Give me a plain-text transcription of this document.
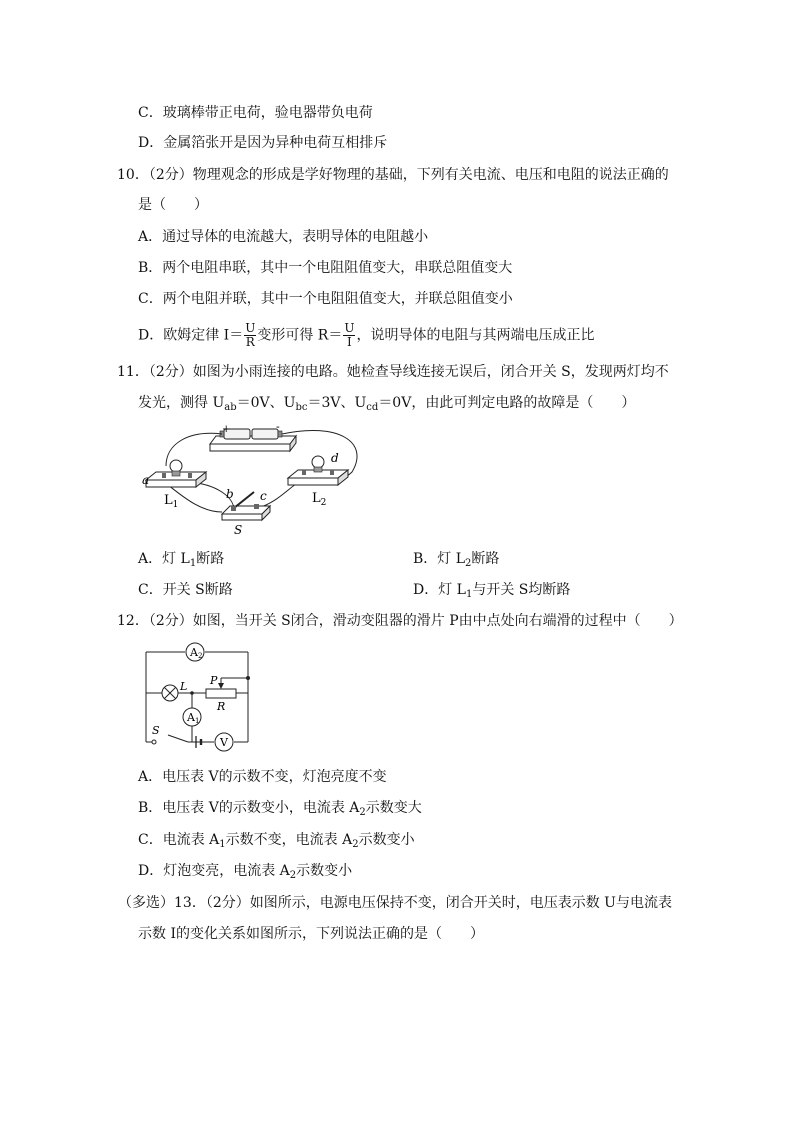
C．玻璃棒带正电荷，验电器带负电荷
D．金属箔张开是因为异种电荷互相排斥
10．（2分）物理观念的形成是学好物理的基础，下列有关电流、电压和电阻的说法正确的
是（　　）
A．通过导体的电流越大，表明导体的电阻越小
B．两个电阻串联，其中一个电阻阻值变大，串联总阻值变大
C．两个电阻并联，其中一个电阻阻值变大，并联总阻值变小
D．欧姆定律 $I= \frac{U}{R}$ 变形可得 $R= \frac{U}{I}$ ，说明导体的电阻与其两端电压成正比
11．（2分）如图为小雨连接的电路。她检查导线连接无误后，闭合开关 S，发现两灯均不
发光，测得 $U_{ab}=0V$、$U_{bc}=3V$、$U_{cd}=0V$，由此可判定电路的故障是（　　）
+	-
a
b c
d
$L_1$	$L_2$
S
A．灯 $L_1$断路	B．灯 $L_2$断路
C．开关 S断路	D．灯 $L_1$与开关 S均断路
12．（2分）如图，当开关 S闭合，滑动变阻器的滑片 P由中点处向右端滑的过程中（　　）
A2
A1
V
L P
R
S
A．电压表 V的示数不变，灯泡亮度不变
B．电压表 V的示数变小，电流表 $A_2$示数变大
C．电流表 $A_1$示数不变，电流表 $A_2$示数变小
D．灯泡变亮，电流表 $A_2$示数变小
（多选）13．（2分）如图所示，电源电压保持不变，闭合开关时，电压表示数 U与电流表
示数 I的变化关系如图所示，下列说法正确的是（　　）
